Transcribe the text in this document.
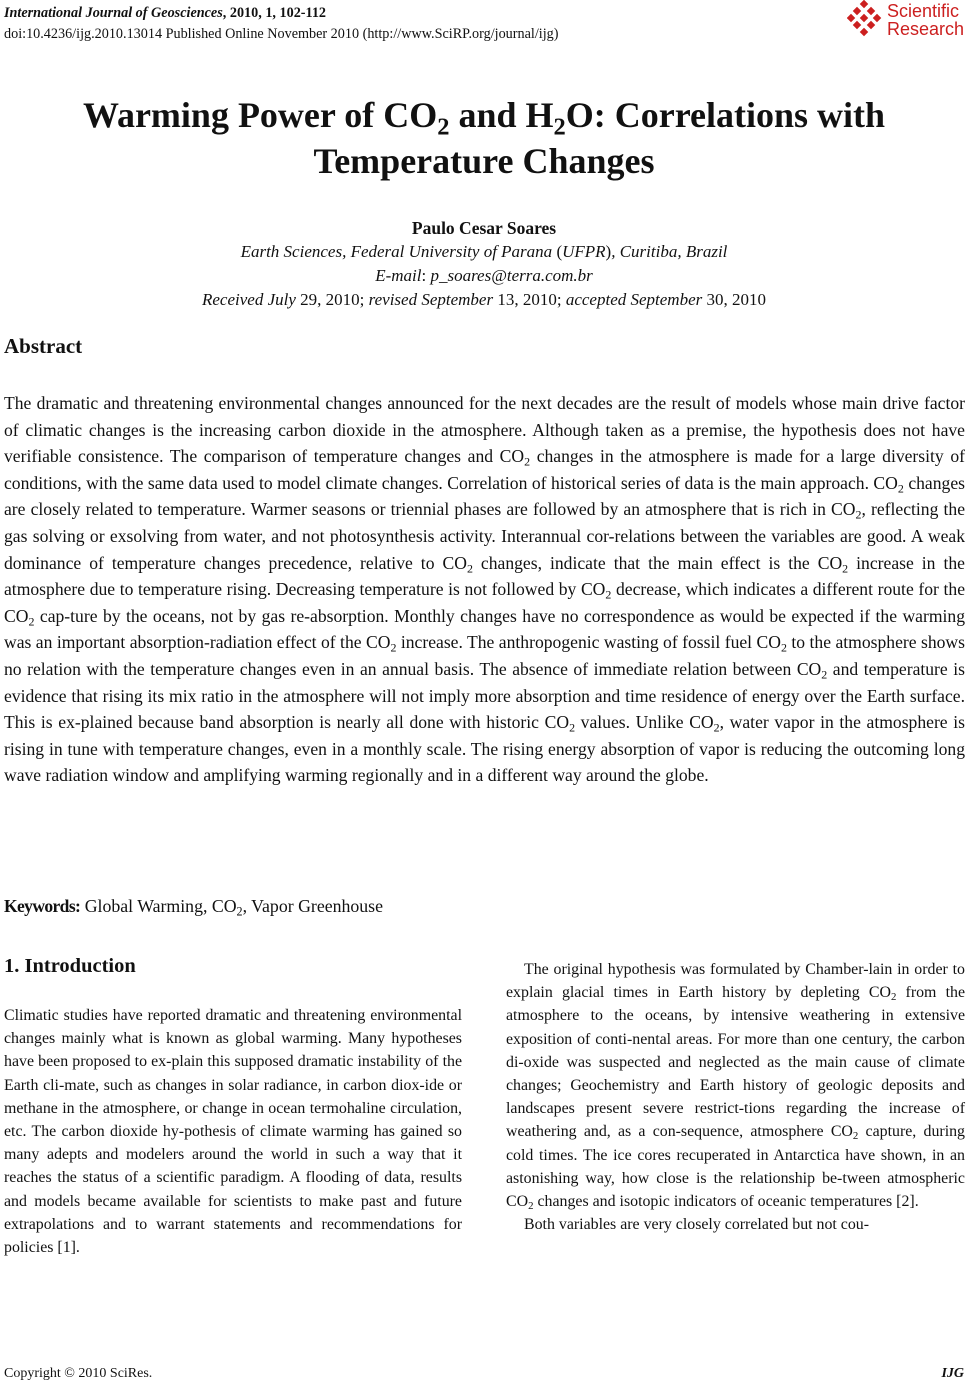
International Journal of Geosciences, 2010, 1, 102-112
doi:10.4236/ijg.2010.13014 Published Online November 2010 (http://www.SciRP.org/journal/ijg)
Scientific
Research
Warming Power of $CO_2$ and $H_2O$: Correlations with
Temperature Changes
Paulo Cesar Soares
Earth Sciences, Federal University of Parana (UFPR), Curitiba, Brazil
E-mail: p_soares@terra.com.br
Received July 29, 2010; revised September 13, 2010; accepted September 30, 2010
Abstract
The dramatic and threatening environmental changes announced for the next decades are the result of models whose main drive factor of climatic changes is the increasing carbon dioxide in the atmosphere. Although taken as a premise, the hypothesis does not have verifiable consistence. The comparison of temperature changes and $CO_2$ changes in the atmosphere is made for a large diversity of conditions, with the same data used to model climate changes. Correlation of historical series of data is the main approach. $CO_2$ changes are closely related to temperature. Warmer seasons or triennial phases are followed by an atmosphere that is rich in $CO_2$, reflecting the gas solving or exsolving from water, and not photosynthesis activity. Interannual cor-relations between the variables are good. A weak dominance of temperature changes precedence, relative to $CO_2$ changes, indicate that the main effect is the $CO_2$ increase in the atmosphere due to temperature rising. Decreasing temperature is not followed by $CO_2$ decrease, which indicates a different route for the $CO_2$ cap-ture by the oceans, not by gas re-absorption. Monthly changes have no correspondence as would be expected if the warming was an important absorption-radiation effect of the $CO_2$ increase. The anthropogenic wasting of fossil fuel $CO_2$ to the atmosphere shows no relation with the temperature changes even in an annual basis. The absence of immediate relation between $CO_2$ and temperature is evidence that rising its mix ratio in the atmosphere will not imply more absorption and time residence of energy over the Earth surface. This is ex-plained because band absorption is nearly all done with historic $CO_2$ values. Unlike $CO_2$, water vapor in the atmosphere is rising in tune with temperature changes, even in a monthly scale. The rising energy absorption of vapor is reducing the outcoming long wave radiation window and amplifying warming regionally and in a different way around the globe.
Keywords: Global Warming, $CO_2$, Vapor Greenhouse
1. Introduction

Climatic studies have reported dramatic and threatening environmental changes mainly what is known as global warming. Many hypotheses have been proposed to ex-plain this supposed dramatic instability of the Earth cli-mate, such as changes in solar radiance, in carbon diox-ide or methane in the atmosphere, or change in ocean termohaline circulation, etc. The carbon dioxide hy-pothesis of climate warming has gained so many adepts and modelers around the world in such a way that it reaches the status of a scientific paradigm. A flooding of data, results and models became available for scientists to make past and future extrapolations and to warrant statements and recommendations for policies [1].

The original hypothesis was formulated by Chamber-lain in order to explain glacial times in Earth history by depleting $CO_2$ from the atmosphere to the oceans, by intensive weathering in extensive exposition of conti-nental areas. For more than one century, the carbon di-oxide was suspected and neglected as the main cause of climate changes; Geochemistry and Earth history of geologic deposits and landscapes present severe restrict-tions regarding the increase of weathering and, as a con-sequence, atmosphere $CO_2$ capture, during cold times. The ice cores recuperated in Antarctica have shown, in an astonishing way, how close is the relationship be-tween atmospheric $CO_2$ changes and isotopic indicators of oceanic temperatures [2].

Both variables are very closely correlated but not cou-

Copyright © 2010 SciRes.	IJG
